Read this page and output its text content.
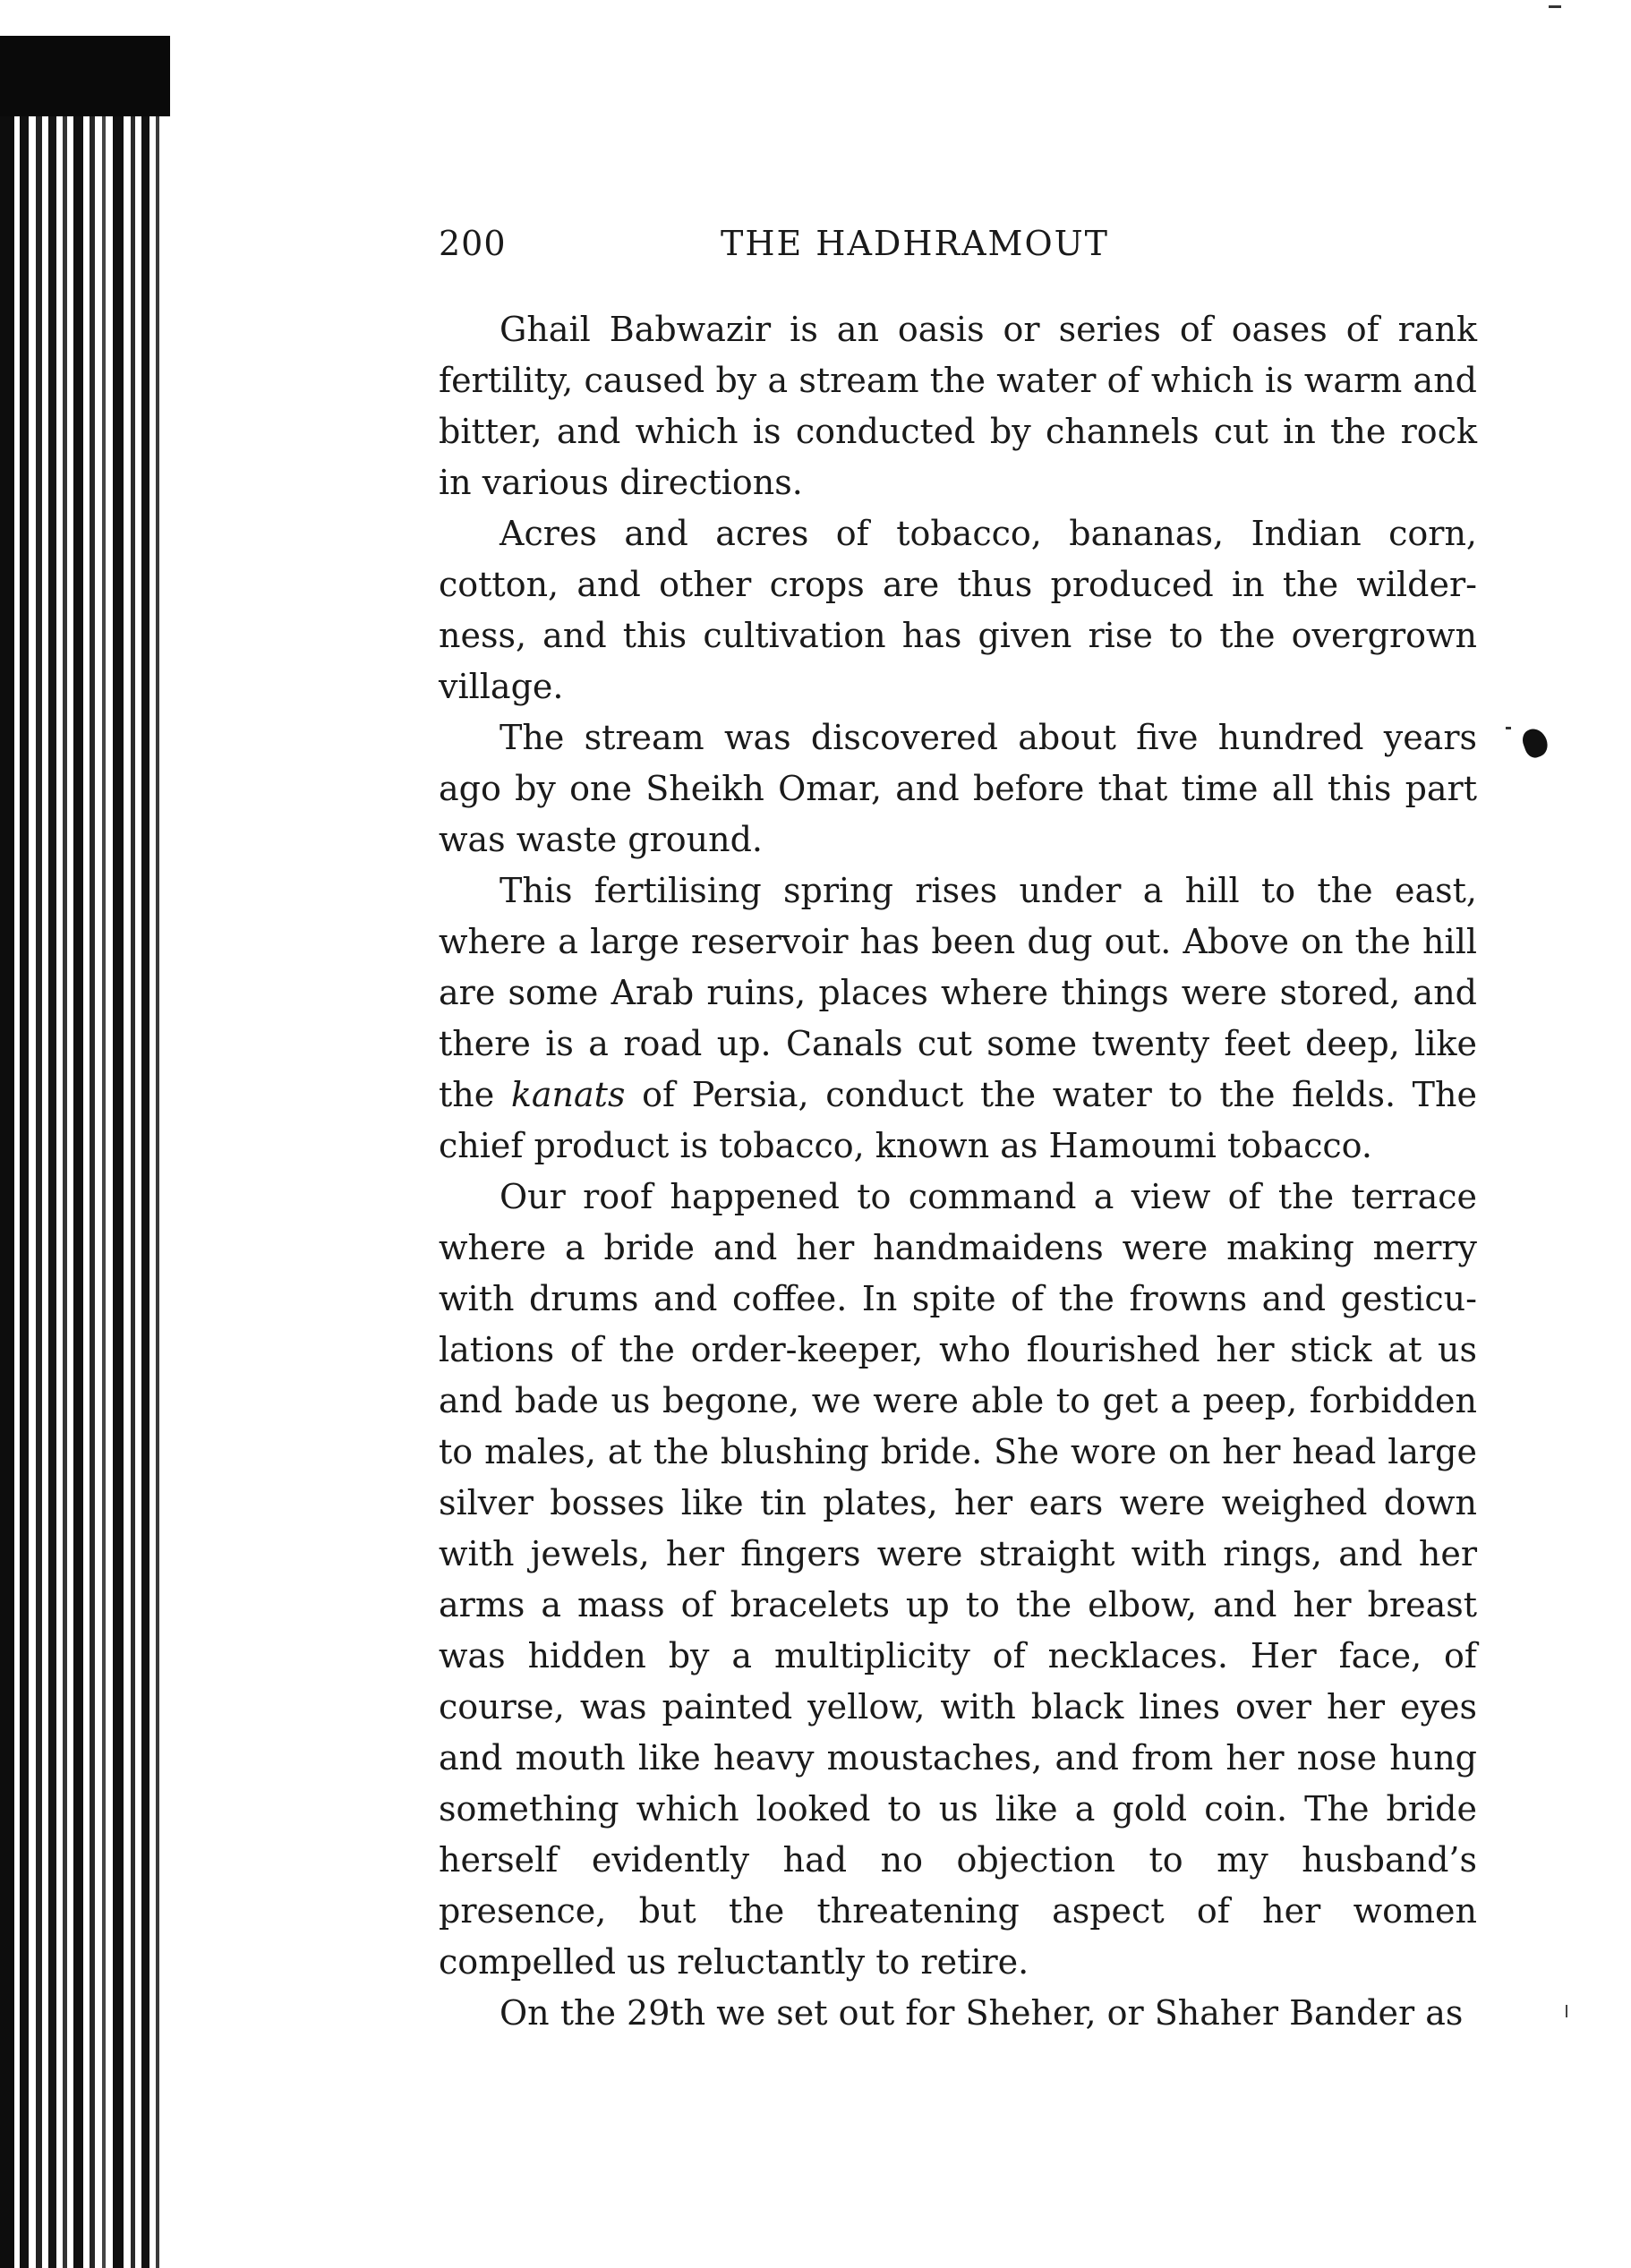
200	THE HADHRAMOUT

Ghail Babwazir is an oasis or series of oases of rank fertility, caused by a stream the water of which is warm and bitter, and which is conducted by channels cut in the rock in various directions.

Acres and acres of tobacco, bananas, Indian corn, cotton, and other crops are thus produced in the wilderness, and this cultivation has given rise to the overgrown village.

The stream was discovered about five hundred years ago by one Sheikh Omar, and before that time all this part was waste ground.

This fertilising spring rises under a hill to the east, where a large reservoir has been dug out. Above on the hill are some Arab ruins, places where things were stored, and there is a road up. Canals cut some twenty feet deep, like the kanats of Persia, conduct the water to the fields. The chief product is tobacco, known as Hamoumi tobacco.

Our roof happened to command a view of the terrace where a bride and her handmaidens were making merry with drums and coffee. In spite of the frowns and gesticulations of the order-keeper, who flourished her stick at us and bade us begone, we were able to get a peep, forbidden to males, at the blushing bride. She wore on her head large silver bosses like tin plates, her ears were weighed down with jewels, her fingers were straight with rings, and her arms a mass of bracelets up to the elbow, and her breast was hidden by a multiplicity of necklaces. Her face, of course, was painted yellow, with black lines over her eyes and mouth like heavy moustaches, and from her nose hung something which looked to us like a gold coin. The bride herself evidently had no objection to my husband’s presence, but the threatening aspect of her women compelled us reluctantly to retire.

On the 29th we set out for Sheher, or Shaher Bander as
